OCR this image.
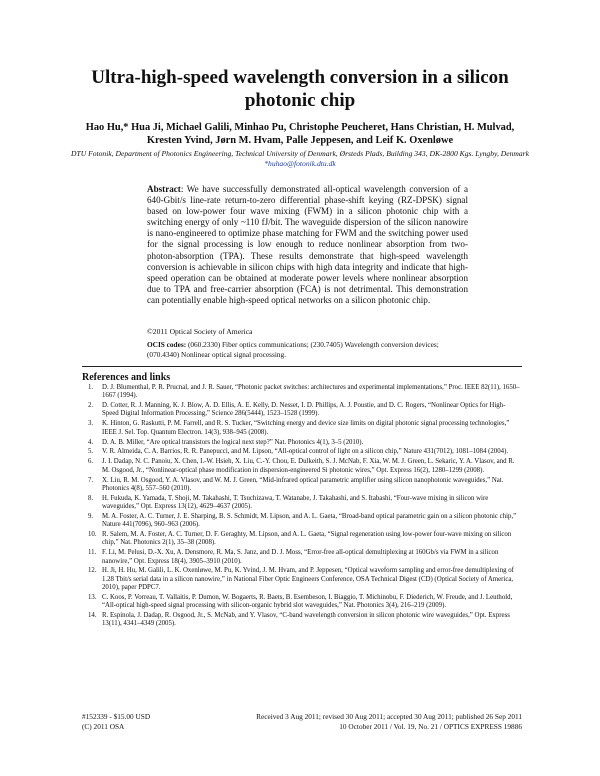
Ultra-high-speed wavelength conversion in a silicon photonic chip
Hao Hu,* Hua Ji, Michael Galili, Minhao Pu, Christophe Peucheret, Hans Christian, H. Mulvad, Kresten Yvind, Jørn M. Hvam, Palle Jeppesen, and Leif K. Oxenløwe
DTU Fotonik, Department of Photonics Engineering, Technical University of Denmark, Ørsteds Plads, Building 343, DK-2800 Kgs. Lyngby, Denmark
*huhao@fotonik.dtu.dk
Abstract: We have successfully demonstrated all-optical wavelength conversion of a 640-Gbit/s line-rate return-to-zero differential phase-shift keying (RZ-DPSK) signal based on low-power four wave mixing (FWM) in a silicon photonic chip with a switching energy of only ~110 fJ/bit. The waveguide dispersion of the silicon nanowire is nano-engineered to optimize phase matching for FWM and the switching power used for the signal processing is low enough to reduce nonlinear absorption from two-photon-absorption (TPA). These results demonstrate that high-speed wavelength conversion is achievable in silicon chips with high data integrity and indicate that high-speed operation can be obtained at moderate power levels where nonlinear absorption due to TPA and free-carrier absorption (FCA) is not detrimental. This demonstration can potentially enable high-speed optical networks on a silicon photonic chip.
©2011 Optical Society of America
OCIS codes: (060.2330) Fiber optics communications; (230.7405) Wavelength conversion devices; (070.4340) Nonlinear optical signal processing.
References and links
1. D. J. Blumenthal, P. R. Prucnal, and J. R. Sauer, “Photonic packet switches: architectures and experimental implementations,” Proc. IEEE 82(11), 1650–1667 (1994).
2. D. Cotter, R. J. Manning, K. J. Blow, A. D. Ellis, A. E. Kelly, D. Nesset, I. D. Phillips, A. J. Poustie, and D. C. Rogers, “Nonlinear Optics for High-Speed Digital Information Processing,” Science 286(5444), 1523–1528 (1999).
3. K. Hinton, G. Raskutti, P. M. Farrell, and R. S. Tucker, “Switching energy and device size limits on digital photonic signal processing technologies,” IEEE J. Sel. Top. Quantum Electron. 14(3), 938–945 (2008).
4. D. A. B. Miller, “Are optical transistors the logical next step?” Nat. Photonics 4(1), 3–5 (2010).
5. V. R. Almeida, C. A. Barrios, R. R. Panepucci, and M. Lipson, “All-optical control of light on a silicon chip,” Nature 431(7012), 1081–1084 (2004).
6. J. I. Dadap, N. C. Panoiu, X. Chen, I.-W. Hsieh, X. Liu, C.-Y. Chou, E. Dulkeith, S. J. McNab, F. Xia, W. M. J. Green, L. Sekaric, Y. A. Vlasov, and R. M. Osgood, Jr., “Nonlinear-optical phase modification in dispersion-engineered Si photonic wires,” Opt. Express 16(2), 1280–1299 (2008).
7. X. Liu, R. M. Osgood, Y. A. Vlasov, and W. M. J. Green, “Mid-infrared optical parametric amplifier using silicon nanophotonic waveguides,” Nat. Photonics 4(8), 557–560 (2010).
8. H. Fukuda, K. Yamada, T. Shoji, M. Takahashi, T. Tsuchizawa, T. Watanabe, J. Takahashi, and S. Itabashi, “Four-wave mixing in silicon wire waveguides,” Opt. Express 13(12), 4629–4637 (2005).
9. M. A. Foster, A. C. Turner, J. E. Sharping, B. S. Schmidt, M. Lipson, and A. L. Gaeta, “Broad-band optical parametric gain on a silicon photonic chip,” Nature 441(7096), 960–963 (2006).
10. R. Salem, M. A. Foster, A. C. Turner, D. F. Geraghty, M. Lipson, and A. L. Gaeta, “Signal regeneration using low-power four-wave mixing on silicon chip,” Nat. Photonics 2(1), 35–38 (2008).
11. F. Li, M. Pelusi, D.-X. Xu, A. Densmore, R. Ma, S. Janz, and D. J. Moss, “Error-free all-optical demultiplexing at 160Gb/s via FWM in a silicon nanowire,” Opt. Express 18(4), 3905–3910 (2010).
12. H. Ji, H. Hu, M. Galili, L. K. Oxenløwe, M. Pu, K. Yvind, J. M. Hvam, and P. Jeppesen, “Optical waveform sampling and error-free demultiplexing of 1.28 Tbit/s serial data in a silicon nanowire,” in National Fiber Optic Engineers Conference, OSA Technical Digest (CD) (Optical Society of America, 2010), paper PDPC7.
13. C. Koos, P. Vorreau, T. Vallaitis, P. Dumon, W. Bogaerts, R. Baets, B. Esembeson, I. Biaggio, T. Michinobu, F. Diederich, W. Freude, and J. Leuthold, “All-optical high-speed signal processing with silicon-organic hybrid slot waveguides,” Nat. Photonics 3(4), 216–219 (2009).
14. R. Espinola, J. Dadap, R. Osgood, Jr., S. McNab, and Y. Vlasov, “C-band wavelength conversion in silicon photonic wire waveguides,” Opt. Express 13(11), 4341–4349 (2005).
#152339 - $15.00 USD	Received 3 Aug 2011; revised 30 Aug 2011; accepted 30 Aug 2011; published 26 Sep 2011
(C) 2011 OSA	10 October 2011 / Vol. 19, No. 21 / OPTICS EXPRESS 19886
